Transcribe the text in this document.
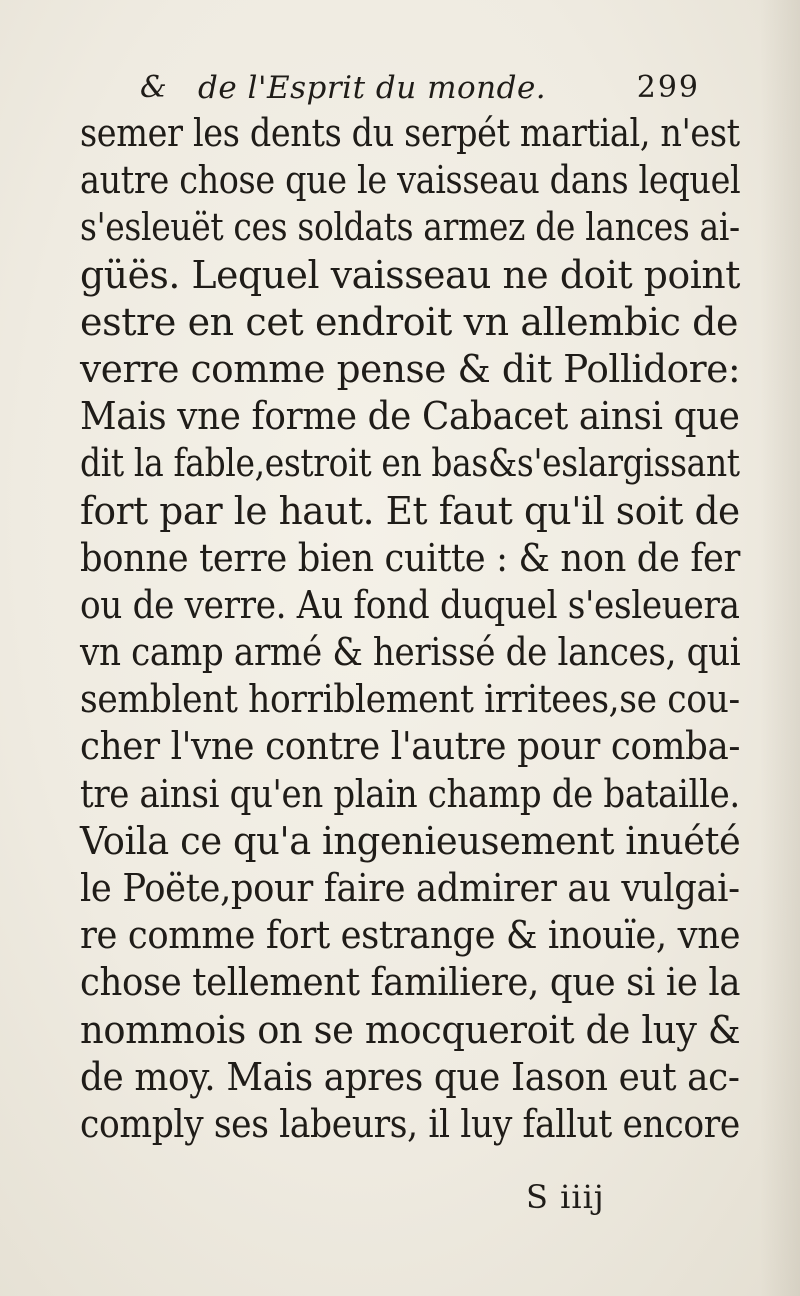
& de l'Esprit du monde.	299
semer les dents du serpét martial, n'est
autre chose que le vaisseau dans lequel
s'esleuët ces soldats armez de lances ai-
güës. Lequel vaisseau ne doit point
estre en cet endroit vn allembic de
verre comme pense & dit Pollidore:
Mais vne forme de Cabacet ainsi que
dit la fable,estroit en bas&s'eslargissant
fort par le haut. Et faut qu'il soit de
bonne terre bien cuitte : & non de fer
ou de verre. Au fond duquel s'esleuera
vn camp armé & herissé de lances, qui
semblent horriblement irritees,se cou-
cher l'vne contre l'autre pour comba-
tre ainsi qu'en plain champ de bataille.
Voila ce qu'a ingenieusement inuété
le Poëte,pour faire admirer au vulgai-
re comme fort estrange & inouïe, vne
chose tellement familiere, que si ie la
nommois on se mocqueroit de luy &
de moy. Mais apres que Iason eut ac-
comply ses labeurs, il luy fallut encore
S iiij
